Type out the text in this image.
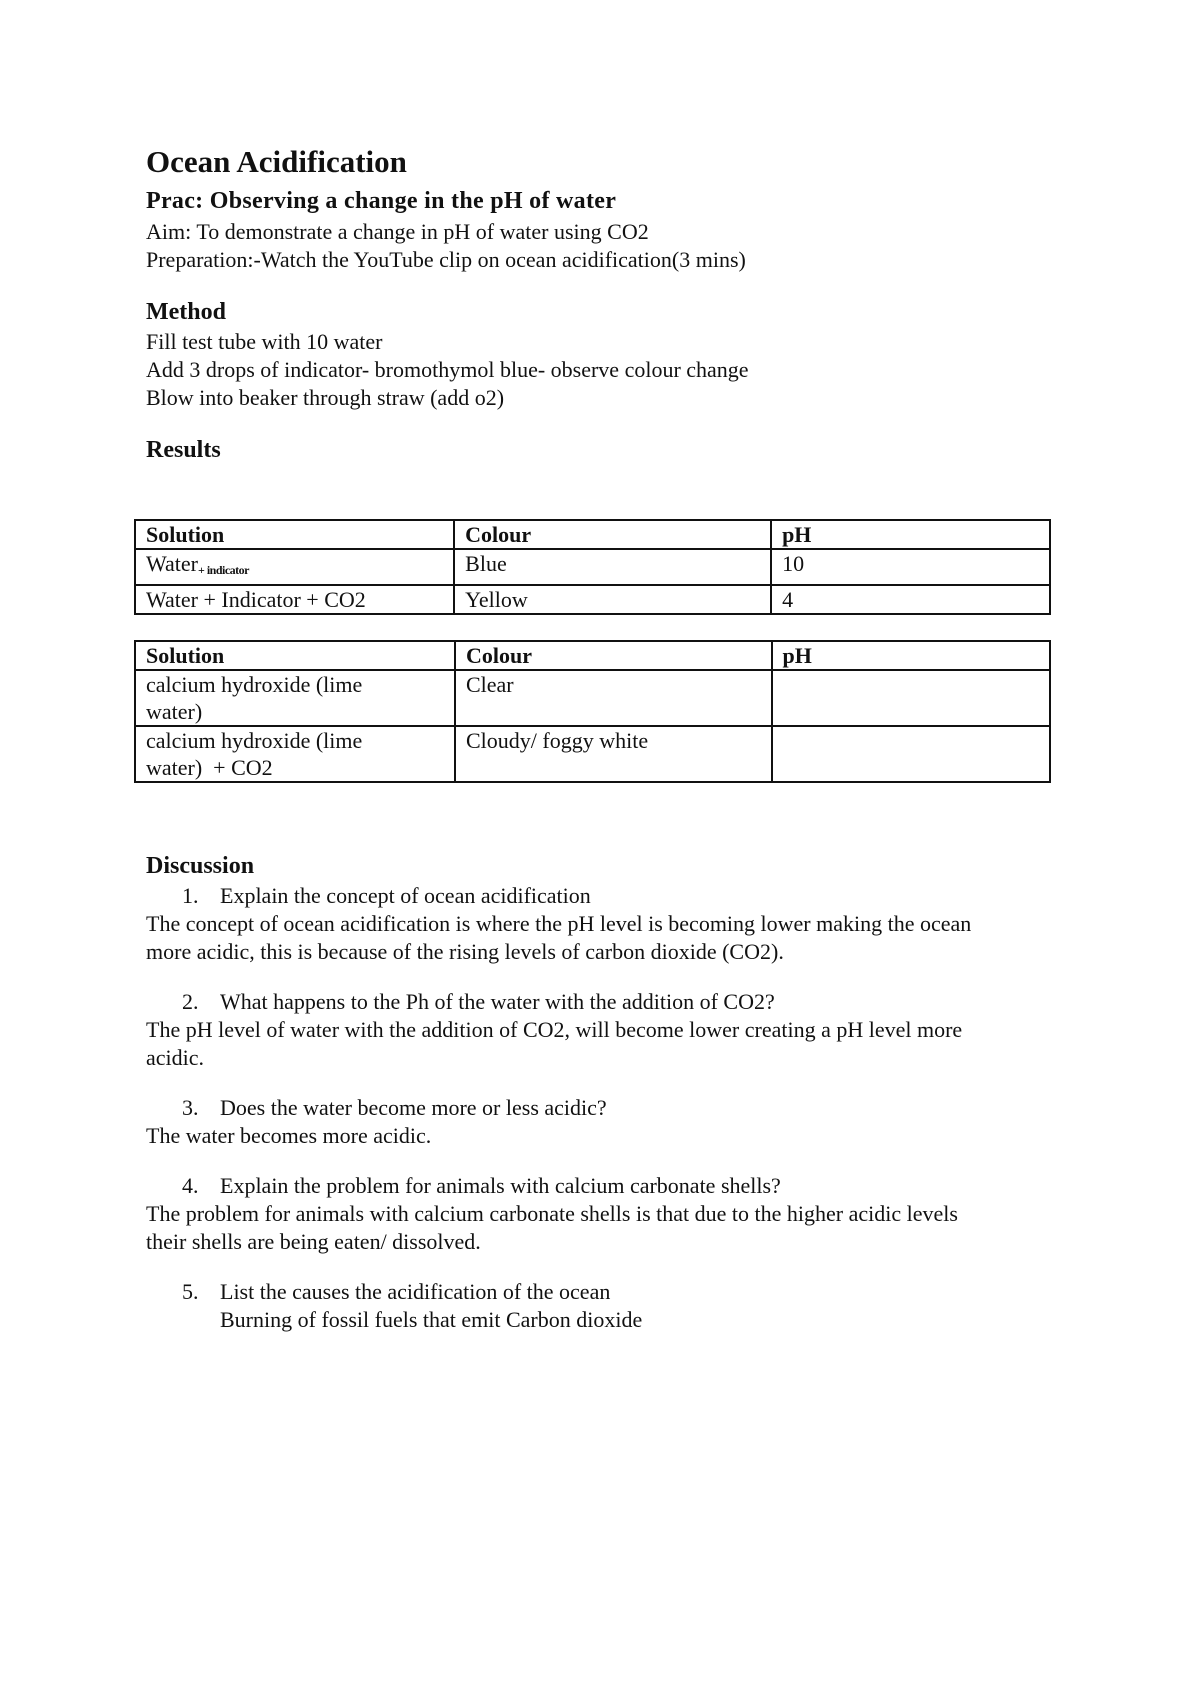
Ocean Acidification

Prac: Observing a change in the pH of water

Aim: To demonstrate a change in pH of water using CO2

Preparation:-Watch the YouTube clip on ocean acidification(3 mins)

Method

Fill test tube with 10 water

Add 3 drops of indicator- bromothymol blue- observe colour change

Blow into beaker through straw (add o2)

Results

Solution	Colour	pH
Water+ indicator	Blue	10
Water + Indicator + CO2	Yellow	4
Solution	Colour	pH

calcium hydroxide (lime
water)	Clear	

calcium hydroxide (lime
water)  + CO2	Cloudy/ foggy white	

Discussion

1. Explain the concept of ocean acidification

The concept of ocean acidification is where the pH level is becoming lower making the ocean

more acidic, this is because of the rising levels of carbon dioxide (CO2).

2. What happens to the Ph of the water with the addition of CO2?

The pH level of water with the addition of CO2, will become lower creating a pH level more

acidic.

3. Does the water become more or less acidic?

The water becomes more acidic.

4. Explain the problem for animals with calcium carbonate shells?

The problem for animals with calcium carbonate shells is that due to the higher acidic levels

their shells are being eaten/ dissolved.

5. List the causes the acidification of the ocean

Burning of fossil fuels that emit Carbon dioxide
